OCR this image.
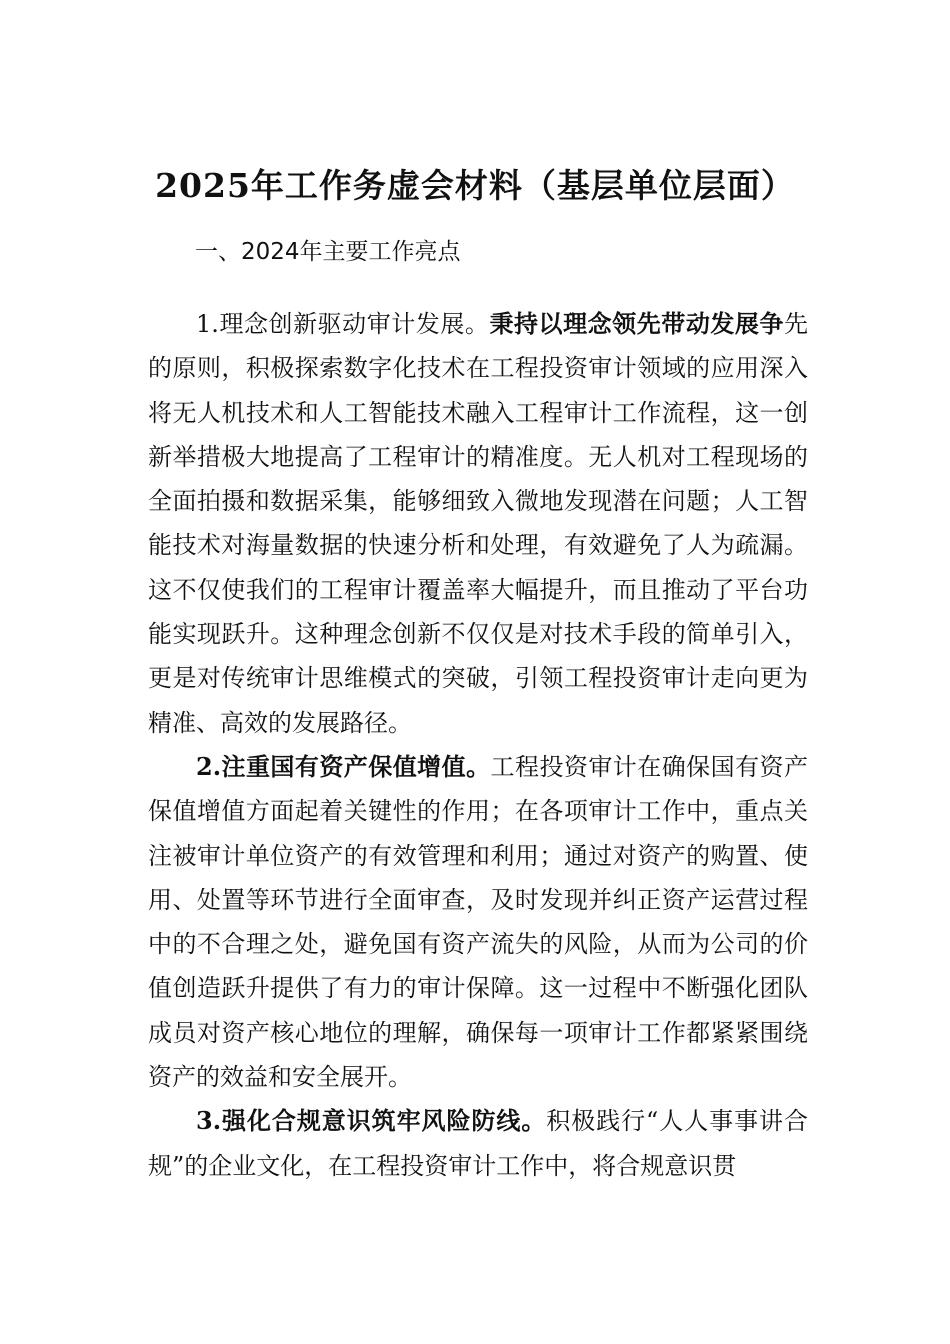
2025年工作务虚会材料（基层单位层面）
一、2024年主要工作亮点

1.理念创新驱动审计发展。秉持以理念领先带动发展争先的原则，积极探索数字化技术在工程投资审计领域的应用深入将无人机技术和人工智能技术融入工程审计工作流程，这一创新举措极大地提高了工程审计的精准度。无人机对工程现场的全面拍摄和数据采集，能够细致入微地发现潜在问题；人工智能技术对海量数据的快速分析和处理，有效避免了人为疏漏。这不仅使我们的工程审计覆盖率大幅提升，而且推动了平台功能实现跃升。这种理念创新不仅仅是对技术手段的简单引入，更是对传统审计思维模式的突破，引领工程投资审计走向更为精准、高效的发展路径。

2.注重国有资产保值增值。工程投资审计在确保国有资产保值增值方面起着关键性的作用；在各项审计工作中，重点关注被审计单位资产的有效管理和利用；通过对资产的购置、使用、处置等环节进行全面审查，及时发现并纠正资产运营过程中的不合理之处，避免国有资产流失的风险，从而为公司的价值创造跃升提供了有力的审计保障。这一过程中不断强化团队成员对资产核心地位的理解，确保每一项审计工作都紧紧围绕资产的效益和安全展开。

3.强化合规意识筑牢风险防线。积极践行“人人事事讲合规”的企业文化，在工程投资审计工作中，将合规意识贯
